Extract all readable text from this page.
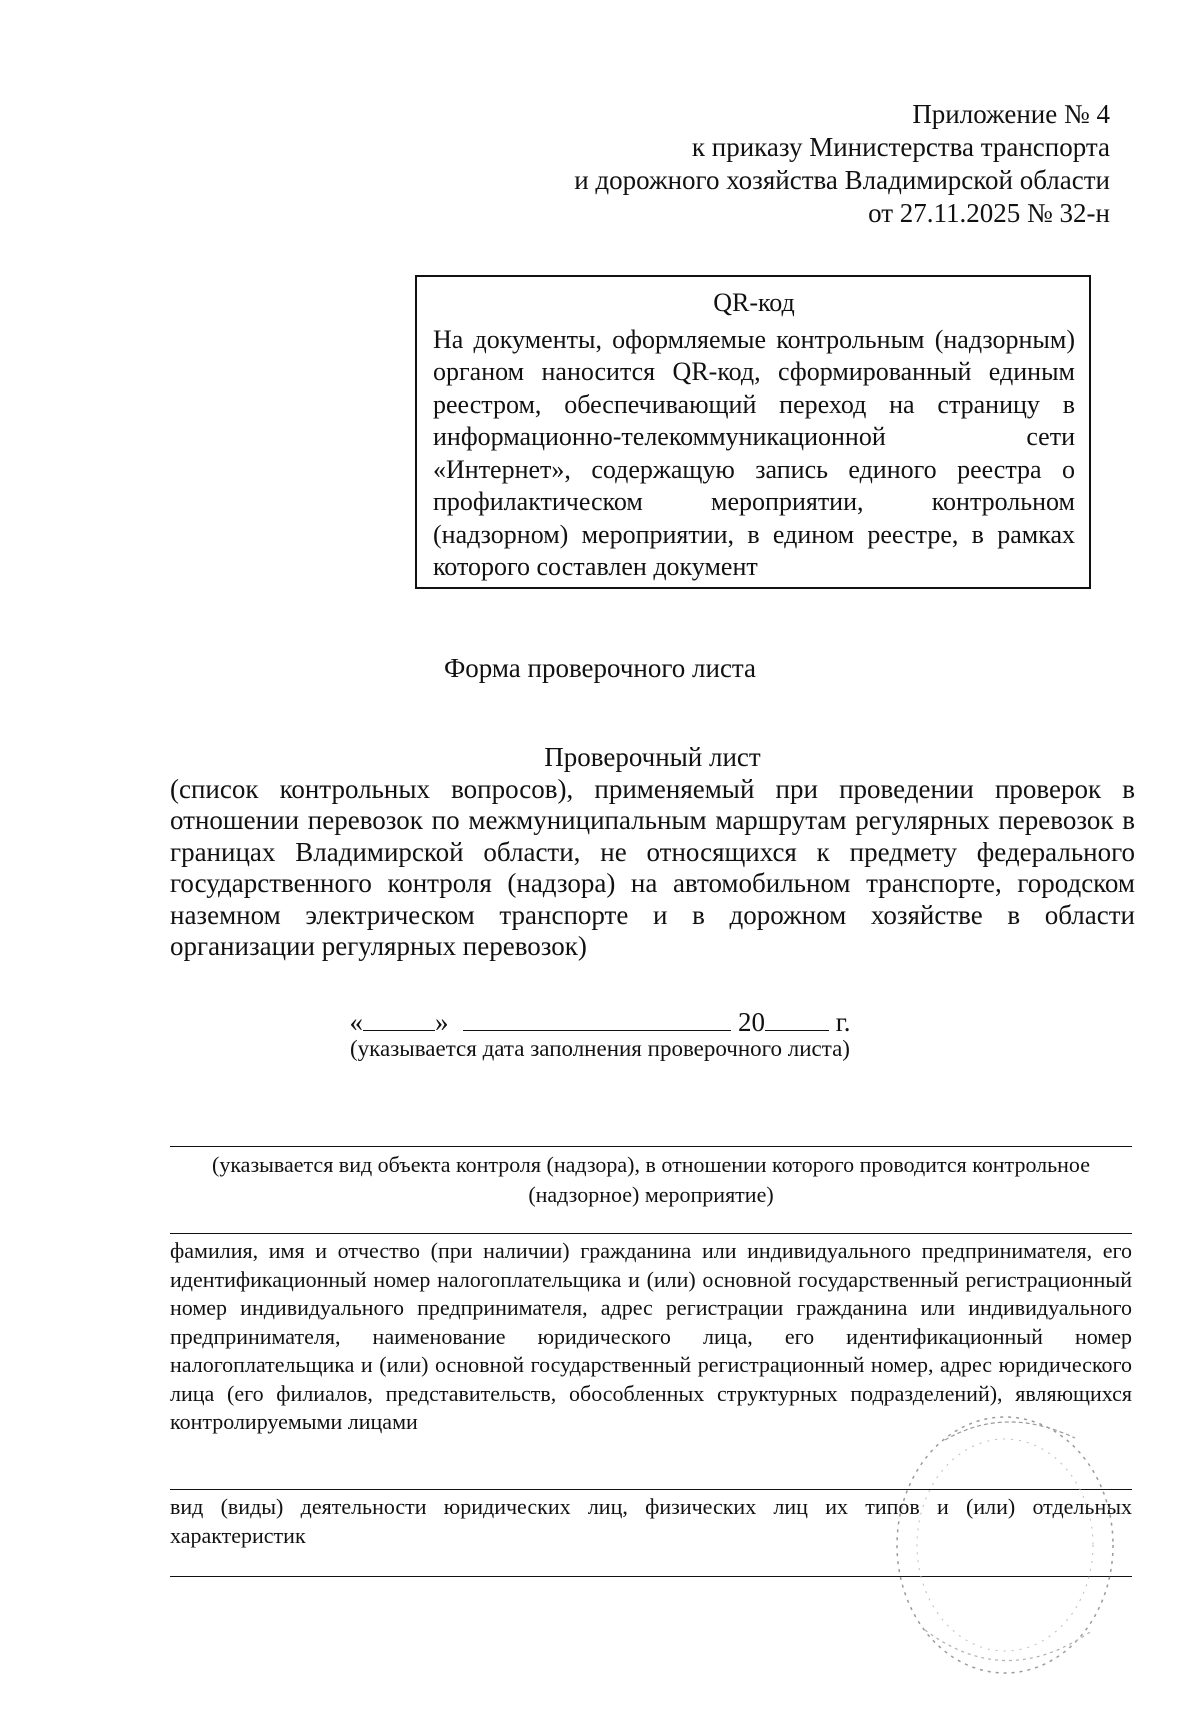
Приложение № 4
к приказу Министерства транспорта
и дорожного хозяйства Владимирской области
от 27.11.2025 № 32-н
QR-код
На документы, оформляемые контрольным (надзорным) органом наносится QR-код, сформированный единым реестром, обеспечивающий переход на страницу в информационно-телекоммуникационной сети «Интернет», содержащую запись единого реестра о профилактическом мероприятии, контрольном (надзорном) мероприятии, в едином реестре, в рамках которого составлен документ
Форма проверочного листа
Проверочный лист
(список контрольных вопросов), применяемый при проведении проверок в отношении перевозок по межмуниципальным маршрутам регулярных перевозок в границах Владимирской области, не относящихся к предмету федерального государственного контроля (надзора) на автомобильном транспорте, городском наземном электрическом транспорте и в дорожном хозяйстве в области организации регулярных перевозок)
«	»	20	г.
(указывается дата заполнения проверочного листа)
(указывается вид объекта контроля (надзора), в отношении которого проводится контрольное (надзорное) мероприятие)
фамилия, имя и отчество (при наличии) гражданина или индивидуального предпринимателя, его идентификационный номер налогоплательщика и (или) основной государственный регистрационный номер индивидуального предпринимателя, адрес регистрации гражданина или индивидуального предпринимателя, наименование юридического лица, его идентификационный номер налогоплательщика и (или) основной государственный регистрационный номер, адрес юридического лица (его филиалов, представительств, обособленных структурных подразделений), являющихся контролируемыми лицами
вид (виды) деятельности юридических лиц, физических лиц их типов и (или) отдельных характеристик
